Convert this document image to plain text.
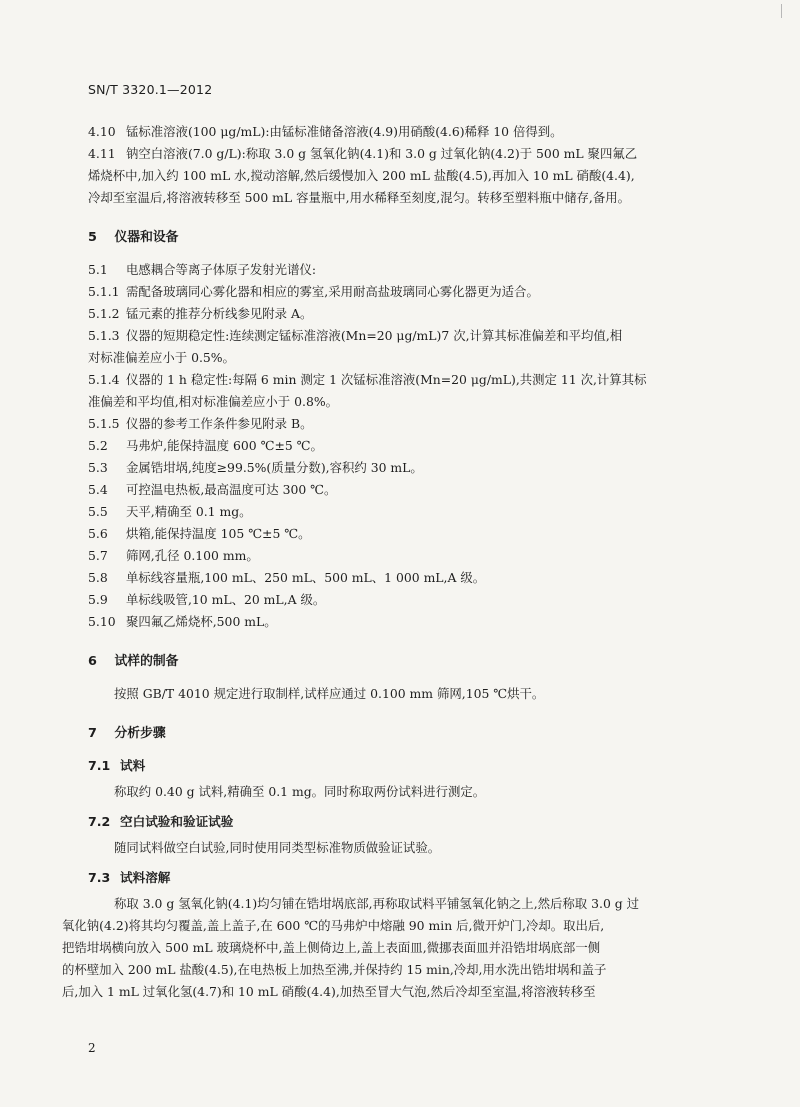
SN/T 3320.1—2012
4.10 锰标准溶液(100 μg/mL):由锰标准储备溶液(4.9)用硝酸(4.6)稀释 10 倍得到。
4.11 钠空白溶液(7.0 g/L):称取 3.0 g 氢氧化钠(4.1)和 3.0 g 过氧化钠(4.2)于 500 mL 聚四氟乙
烯烧杯中,加入约 100 mL 水,搅动溶解,然后缓慢加入 200 mL 盐酸(4.5),再加入 10 mL 硝酸(4.4),
冷却至室温后,将溶液转移至 500 mL 容量瓶中,用水稀释至刻度,混匀。转移至塑料瓶中储存,备用。
5 仪器和设备
5.1 电感耦合等离子体原子发射光谱仪:
5.1.1 需配备玻璃同心雾化器和相应的雾室,采用耐高盐玻璃同心雾化器更为适合。
5.1.2 锰元素的推荐分析线参见附录 A。
5.1.3 仪器的短期稳定性:连续测定锰标准溶液(Mn=20 μg/mL)7 次,计算其标准偏差和平均值,相
对标准偏差应小于 0.5%。
5.1.4 仪器的 1 h 稳定性:每隔 6 min 测定 1 次锰标准溶液(Mn=20 μg/mL),共测定 11 次,计算其标
准偏差和平均值,相对标准偏差应小于 0.8%。
5.1.5 仪器的参考工作条件参见附录 B。
5.2 马弗炉,能保持温度 600 ℃±5 ℃。
5.3 金属锆坩埚,纯度≥99.5%(质量分数),容积约 30 mL。
5.4 可控温电热板,最高温度可达 300 ℃。
5.5 天平,精确至 0.1 mg。
5.6 烘箱,能保持温度 105 ℃±5 ℃。
5.7 筛网,孔径 0.100 mm。
5.8 单标线容量瓶,100 mL、250 mL、500 mL、1 000 mL,A 级。
5.9 单标线吸管,10 mL、20 mL,A 级。
5.10 聚四氟乙烯烧杯,500 mL。
6 试样的制备

按照 GB/T 4010 规定进行取制样,试样应通过 0.100 mm 筛网,105 ℃烘干。

7 分析步骤
7.1 试料
称取约 0.40 g 试料,精确至 0.1 mg。同时称取两份试料进行测定。
7.2 空白试验和验证试验
随同试料做空白试验,同时使用同类型标准物质做验证试验。
7.3 试料溶解
称取 3.0 g 氢氧化钠(4.1)均匀铺在锆坩埚底部,再称取试料平铺氢氧化钠之上,然后称取 3.0 g 过
氧化钠(4.2)将其均匀覆盖,盖上盖子,在 600 ℃的马弗炉中熔融 90 min 后,微开炉门,冷却。取出后,
把锆坩埚横向放入 500 mL 玻璃烧杯中,盖上侧倚边上,盖上表面皿,微挪表面皿并沿锆坩埚底部一侧
的杯壁加入 200 mL 盐酸(4.5),在电热板上加热至沸,并保持约 15 min,冷却,用水洗出锆坩埚和盖子
后,加入 1 mL 过氧化氢(4.7)和 10 mL 硝酸(4.4),加热至冒大气泡,然后冷却至室温,将溶液转移至
2
